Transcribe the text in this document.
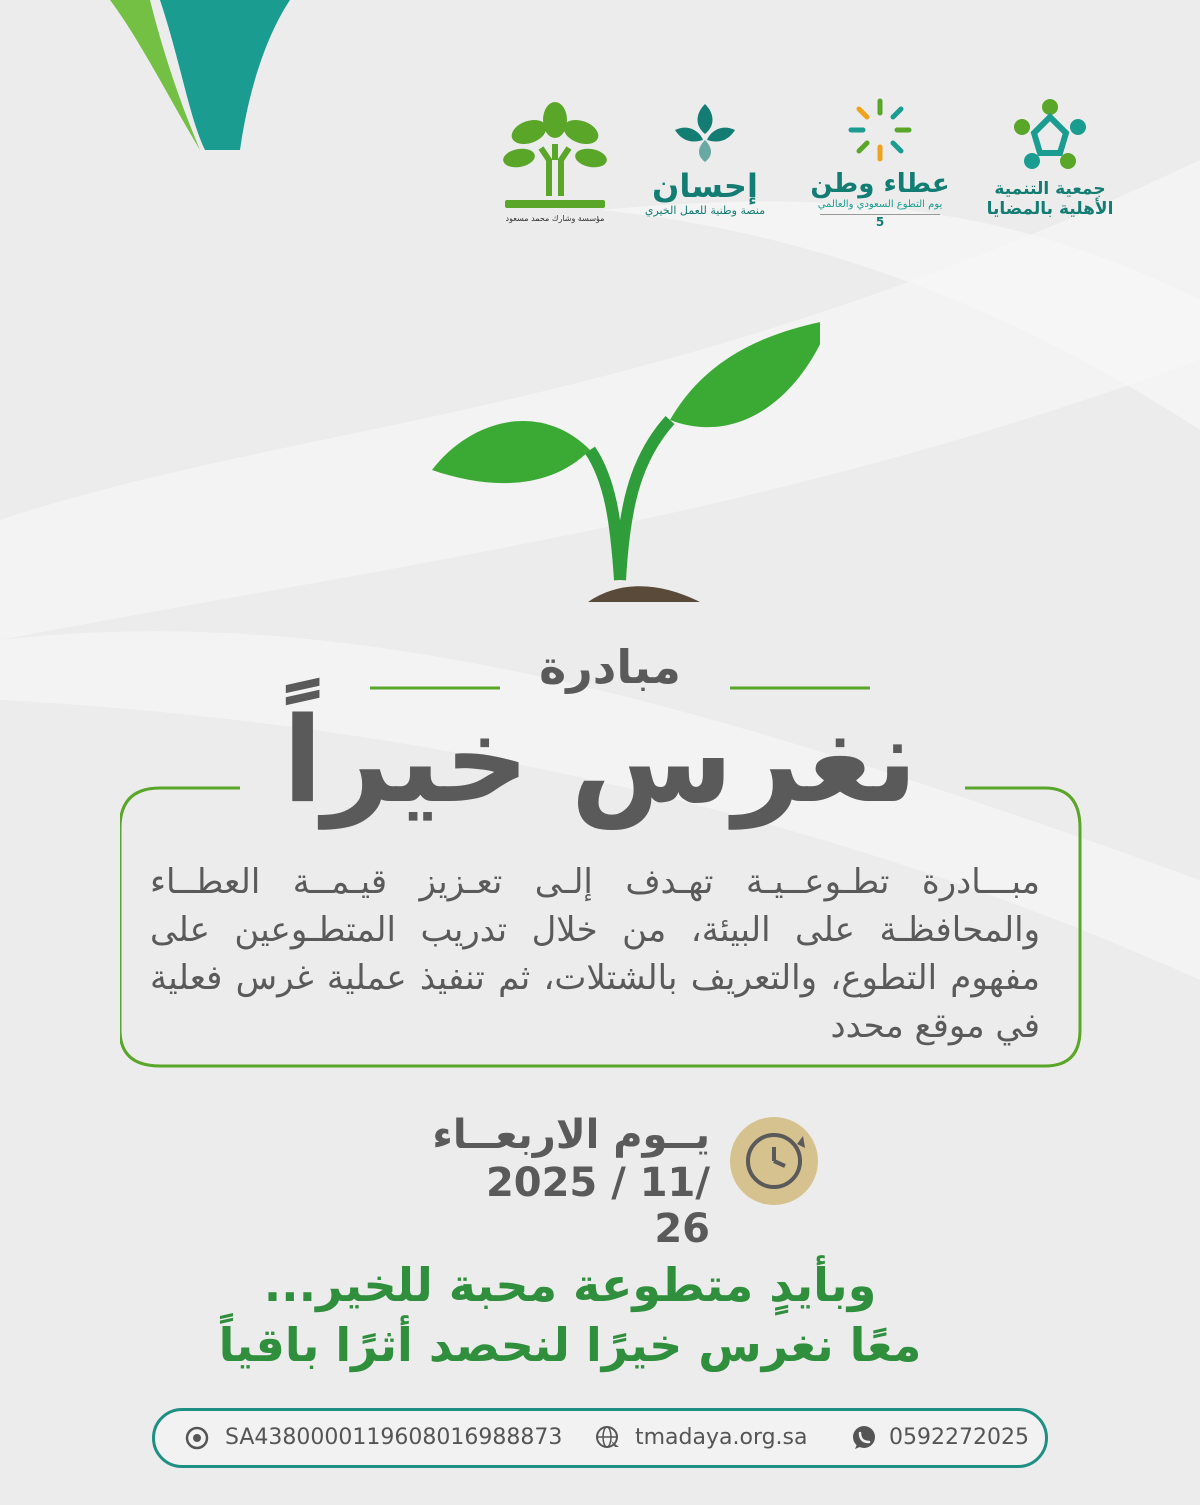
جمعية التنمية
الأهلية بالمضايا
عطاء وطن
يوم التطوع السعودي والعالمي
5
إحسان
منصة وطنية للعمل الخيري
مؤسسة وشارك محمد مسعود
مبادرة
نغرس خيراً
مبـــادرة تطـوعــيـة تهـدف إلـى تعـزيز قيـمــة العطــاء والمحافظـة على البيئة، من خلال تدريب المتطـوعين على مفهوم التطوع، والتعريف بالشتلات، ثم تنفيذ عملية غرس فعلية في موقع محدد
يــوم الاربعــاء
2025 / 11/ 26
وبأيدٍ متطوعة محبة للخير...
معًا نغرس خيرًا لنحصد أثرًا باقياً
SA4380000119608016988873	tmadaya.org.sa	0592272025
